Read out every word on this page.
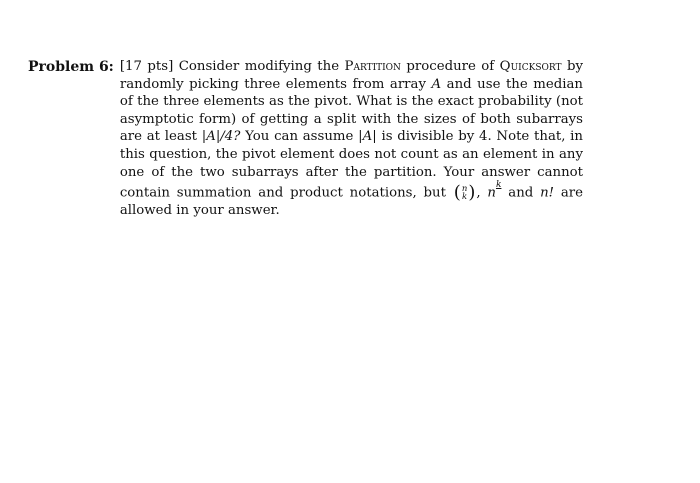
Problem 6: [17 pts] Consider modifying the Partition procedure of Quicksort by randomly picking three elements from array A and use the median of the three elements as the pivot. What is the exact probability (not asymptotic form) of getting a split with the sizes of both subarrays are at least |A|/4? You can assume |A| is divisible by 4. Note that, in this question, the pivot element does not count as an element in any one of the two subarrays after the partition. Your answer cannot contain summation and product notations, but ( n
k ) , $n^k$ and n! are allowed in your answer.
